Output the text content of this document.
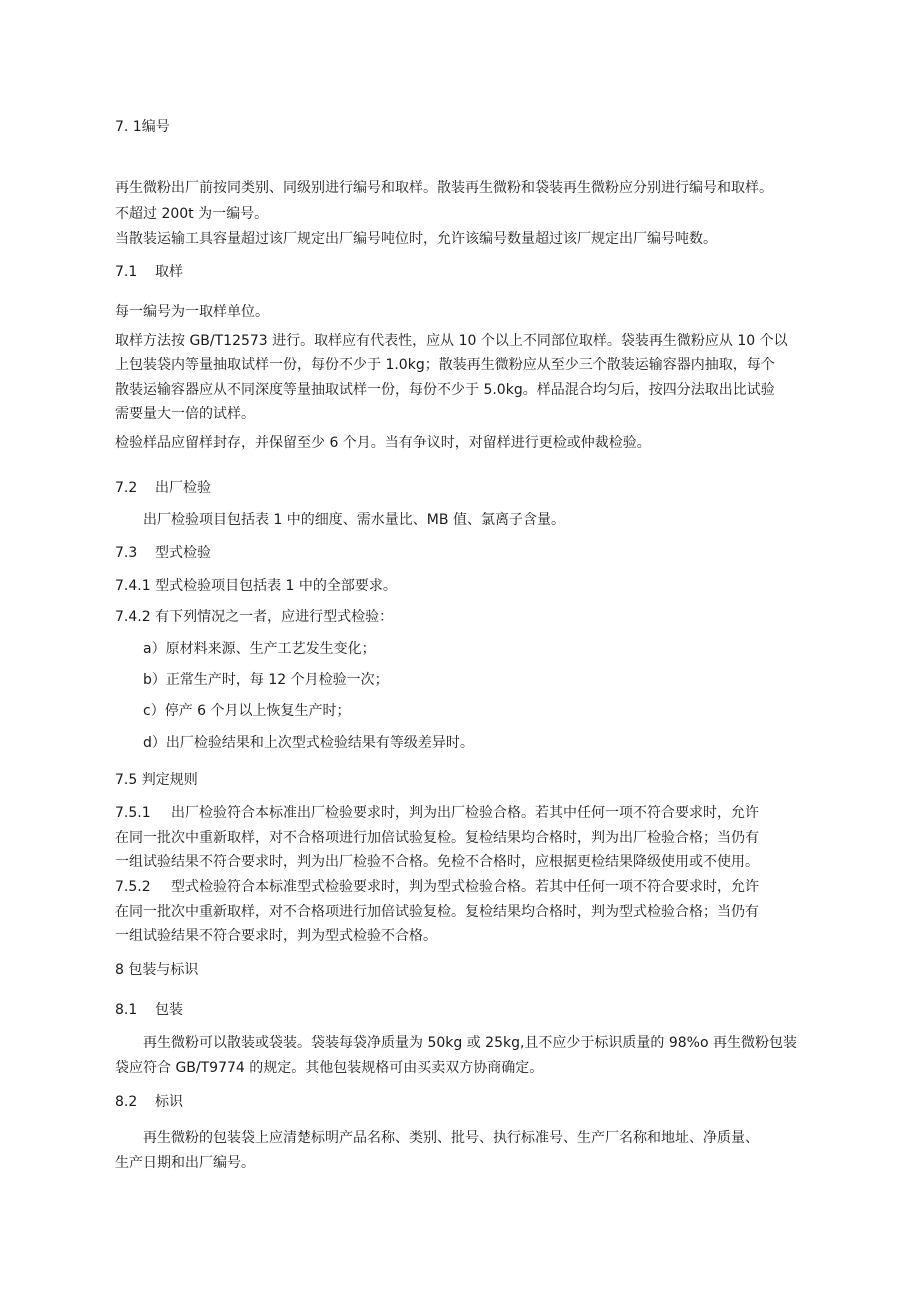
7. 1编号
再生微粉出厂前按同类别、同级别进行编号和取样。散装再生微粉和袋装再生微粉应分别进行编号和取样。
不超过 200t 为一编号。
当散装运输工具容量超过该厂规定出厂编号吨位时，允许该编号数量超过该厂规定出厂编号吨数。
7.1 取样
每一编号为一取样单位。
取样方法按 GB/T12573 进行。取样应有代表性，应从 10 个以上不同部位取样。袋装再生微粉应从 10 个以
上包装袋内等量抽取试样一份，每份不少于 1.0kg；散装再生微粉应从至少三个散装运输容器内抽取，每个
散装运输容器应从不同深度等量抽取试样一份，每份不少于 5.0kg。样品混合均匀后，按四分法取出比试验
需要量大一倍的试样。
检验样品应留样封存，并保留至少 6 个月。当有争议时，对留样进行更检或仲裁检验。
7.2 出厂检验
出厂检验项目包括表 1 中的细度、需水量比、MB 值、氯离子含量。
7.3 型式检验
7.4.1 型式检验项目包括表 1 中的全部要求。
7.4.2 有下列情况之一者，应进行型式检验：
a）原材料来源、生产工艺发生变化；
b）正常生产时，每 12 个月检验一次；
c）停产 6 个月以上恢复生产时；
d）出厂检验结果和上次型式检验结果有等级差异时。
7.5 判定规则
7.5.1 出厂检验符合本标准出厂检验要求时，判为出厂检验合格。若其中任何一项不符合要求时，允许
在同一批次中重新取样，对不合格项进行加倍试验复检。复检结果均合格时，判为出厂检验合格；当仍有
一组试验结果不符合要求时，判为出厂检验不合格。免检不合格时，应根据更检结果降级使用或不使用。
7.5.2 型式检验符合本标准型式检验要求时，判为型式检验合格。若其中任何一项不符合要求时，允许
在同一批次中重新取样，对不合格项进行加倍试验复检。复检结果均合格时，判为型式检验合格；当仍有
一组试验结果不符合要求时，判为型式检验不合格。
8 包装与标识
8.1 包装
再生微粉可以散装或袋装。袋装每袋净质量为 50kg 或 25kg,且不应少于标识质量的 98%o 再生微粉包装
袋应符合 GB/T9774 的规定。其他包装规格可由买卖双方协商确定。
8.2 标识
再生微粉的包装袋上应清楚标明产品名称、类别、批号、执行标准号、生产厂名称和地址、净质量、
生产日期和出厂编号。
